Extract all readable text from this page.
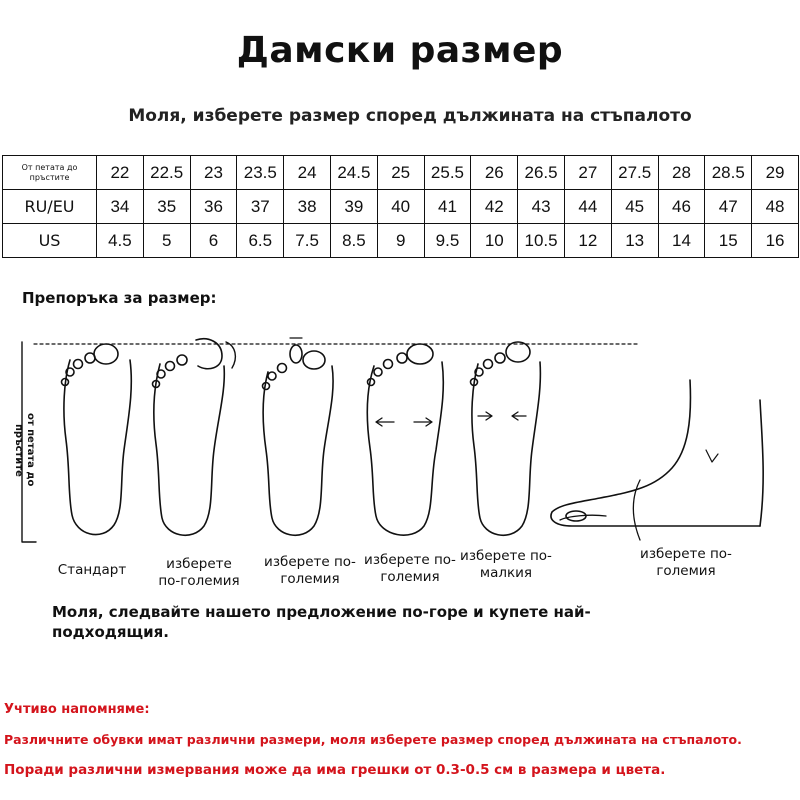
Дамски размер
Моля, изберете размер според дължината на стъпалото
От петата до пръстите	22	22.5	23	23.5	24	24.5	25	25.5	26	26.5	27	27.5	28	28.5	29
RU/EU	34	35	36	37	38	39	40	41	42	43	44	45	46	47	48
US	4.5	5	6	6.5	7.5	8.5	9	9.5	10	10.5	12	13	14	15	16
Препоръка за размер:
от петата до пръстите
Стандарт	изберете по-големия
изберете по-големия
изберете по-големия
изберете по-малкия
изберете по-големия
Моля, следвайте нашето предложение по-горе и купете най-подходящия.
Учтиво напомняме:
Различните обувки имат различни размери, моля изберете размер според дължината на стъпалото.
Поради различни измервания може да има грешки от 0.3-0.5 см в размера и цвета.
